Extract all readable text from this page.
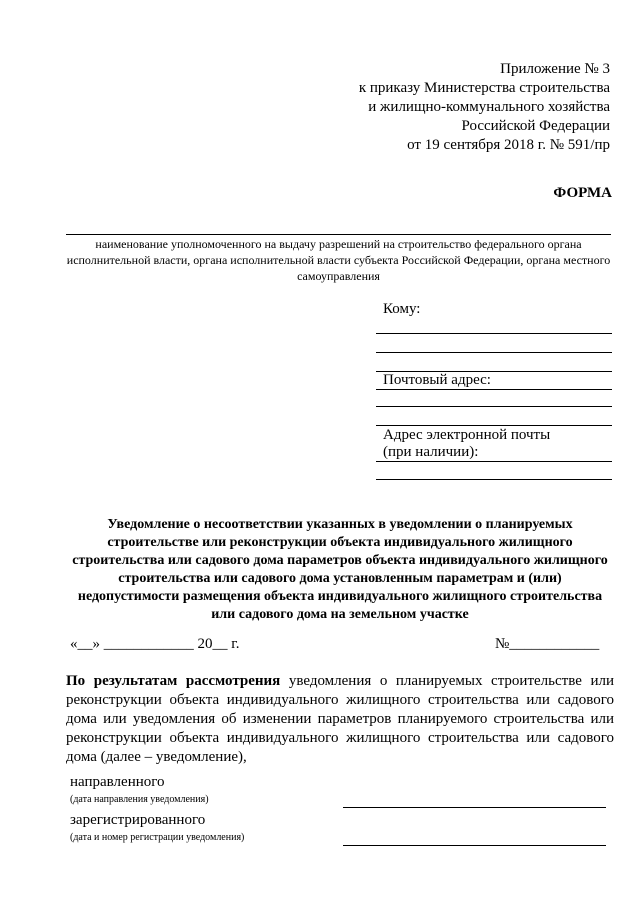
Приложение № 3
к приказу Министерства строительства
и жилищно-коммунального хозяйства
Российской Федерации
от 19 сентября 2018 г. № 591/пр
ФОРМА
наименование уполномоченного на выдачу разрешений на строительство федерального органа исполнительной власти, органа исполнительной власти субъекта Российской Федерации, органа местного самоуправления
Кому:
Почтовый адрес:
Адрес электронной почты
(при наличии):
Уведомление о несоответствии указанных в уведомлении о планируемых строительстве или реконструкции объекта индивидуального жилищного строительства или садового дома параметров объекта индивидуального жилищного строительства или садового дома установленным параметрам и (или) недопустимости размещения объекта индивидуального жилищного строительства или садового дома на земельном участке
«__» ____________ 20__ г.	№____________
По результатам рассмотрения уведомления о планируемых строительстве или реконструкции объекта индивидуального жилищного строительства или садового дома или уведомления об изменении параметров планируемого строительства или реконструкции объекта индивидуального жилищного строительства или садового дома (далее – уведомление),
направленного
(дата направления уведомления)
зарегистрированного
(дата и номер регистрации уведомления)
